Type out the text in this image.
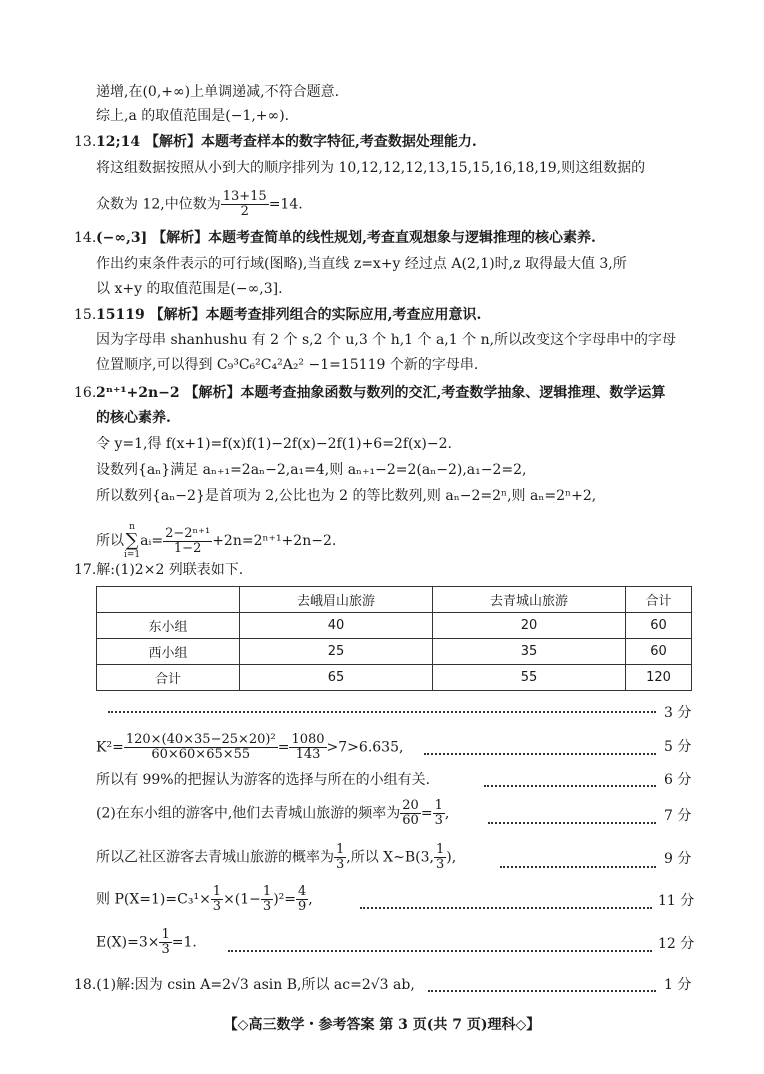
递增,在(0,+∞)上单调递减,不符合题意.
综上,a 的取值范围是(−1,+∞).
13. 12;14 【解析】本题考查样本的数字特征,考查数据处理能力.
将这组数据按照从小到大的顺序排列为 10,12,12,12,13,15,15,16,18,19,则这组数据的
众数为 12,中位数为 $\frac{13+15}{2} =14$.
14. (−∞,3] 【解析】本题考查简单的线性规划,考查直观想象与逻辑推理的核心素养.
作出约束条件表示的可行域(图略),当直线 z=x+y 经过点 A(2,1)时,z 取得最大值 3,所
以 x+y 的取值范围是(−∞,3].
15. 15119 【解析】本题考查排列组合的实际应用,考查应用意识.
因为字母串 shanhushu 有 2 个 s,2 个 u,3 个 h,1 个 a,1 个 n,所以改变这个字母串中的字母
位置顺序,可以得到 C₉³C₆²C₄²A₂² −1=15119 个新的字母串.
16. 2ⁿ⁺¹+2n−2 【解析】本题考查抽象函数与数列的交汇,考查数学抽象、逻辑推理、数学运算
的核心素养.
令 y=1,得 f(x+1)=f(x)f(1)−2f(x)−2f(1)+6=2f(x)−2.
设数列{aₙ}满足 aₙ₊₁=2aₙ−2,a₁=4,则 aₙ₊₁−2=2(aₙ−2),a₁−2=2,
所以数列{aₙ−2}是首项为 2,公比也为 2 的等比数列,则 aₙ−2=2ⁿ,则 aₙ=2ⁿ+2,
所以n
∑
i=1aᵢ= $\frac{\text{2−2ⁿ⁺¹}}{1-2} +2n=2^{n+1}+2n-2$.
17.解:(1)2×2 列联表如下.
	去峨眉山旅游	去青城山旅游	合计
东小组	40	20	60
西小组	25	35	60
合计	65	55	120
3 分
$K^2= \frac{\text{120×(40×35−25×20)²}}{60\times 60\times 65\times 55} = \frac{1080}{143} >7>6.635$,	5 分
所以有 99%的把握认为游客的选择与所在的小组有关.	6 分
(2)在东小组的游客中,他们去青城山旅游的频率为 $\frac{20}{60} = \frac{1}{3}$ ,	7 分
所以乙社区游客去青城山旅游的概率为 $\frac{1}{3}$ ,所以 X∼B(3, $\frac{1}{3}$ ),	9 分
则 $P(X=1)=C_3^1\times \frac{1}{3} \times(1- \frac{1}{3} )^2= \frac{4}{9}$ ,	11 分
$E(X)=3\times \frac{1}{3} =1$.	12 分
18.(1)解:因为 csin A=2√3 asin B,所以 ac=2√3 ab,	1 分
【◇高三数学・参考答案 第 3 页(共 7 页)理科◇】
